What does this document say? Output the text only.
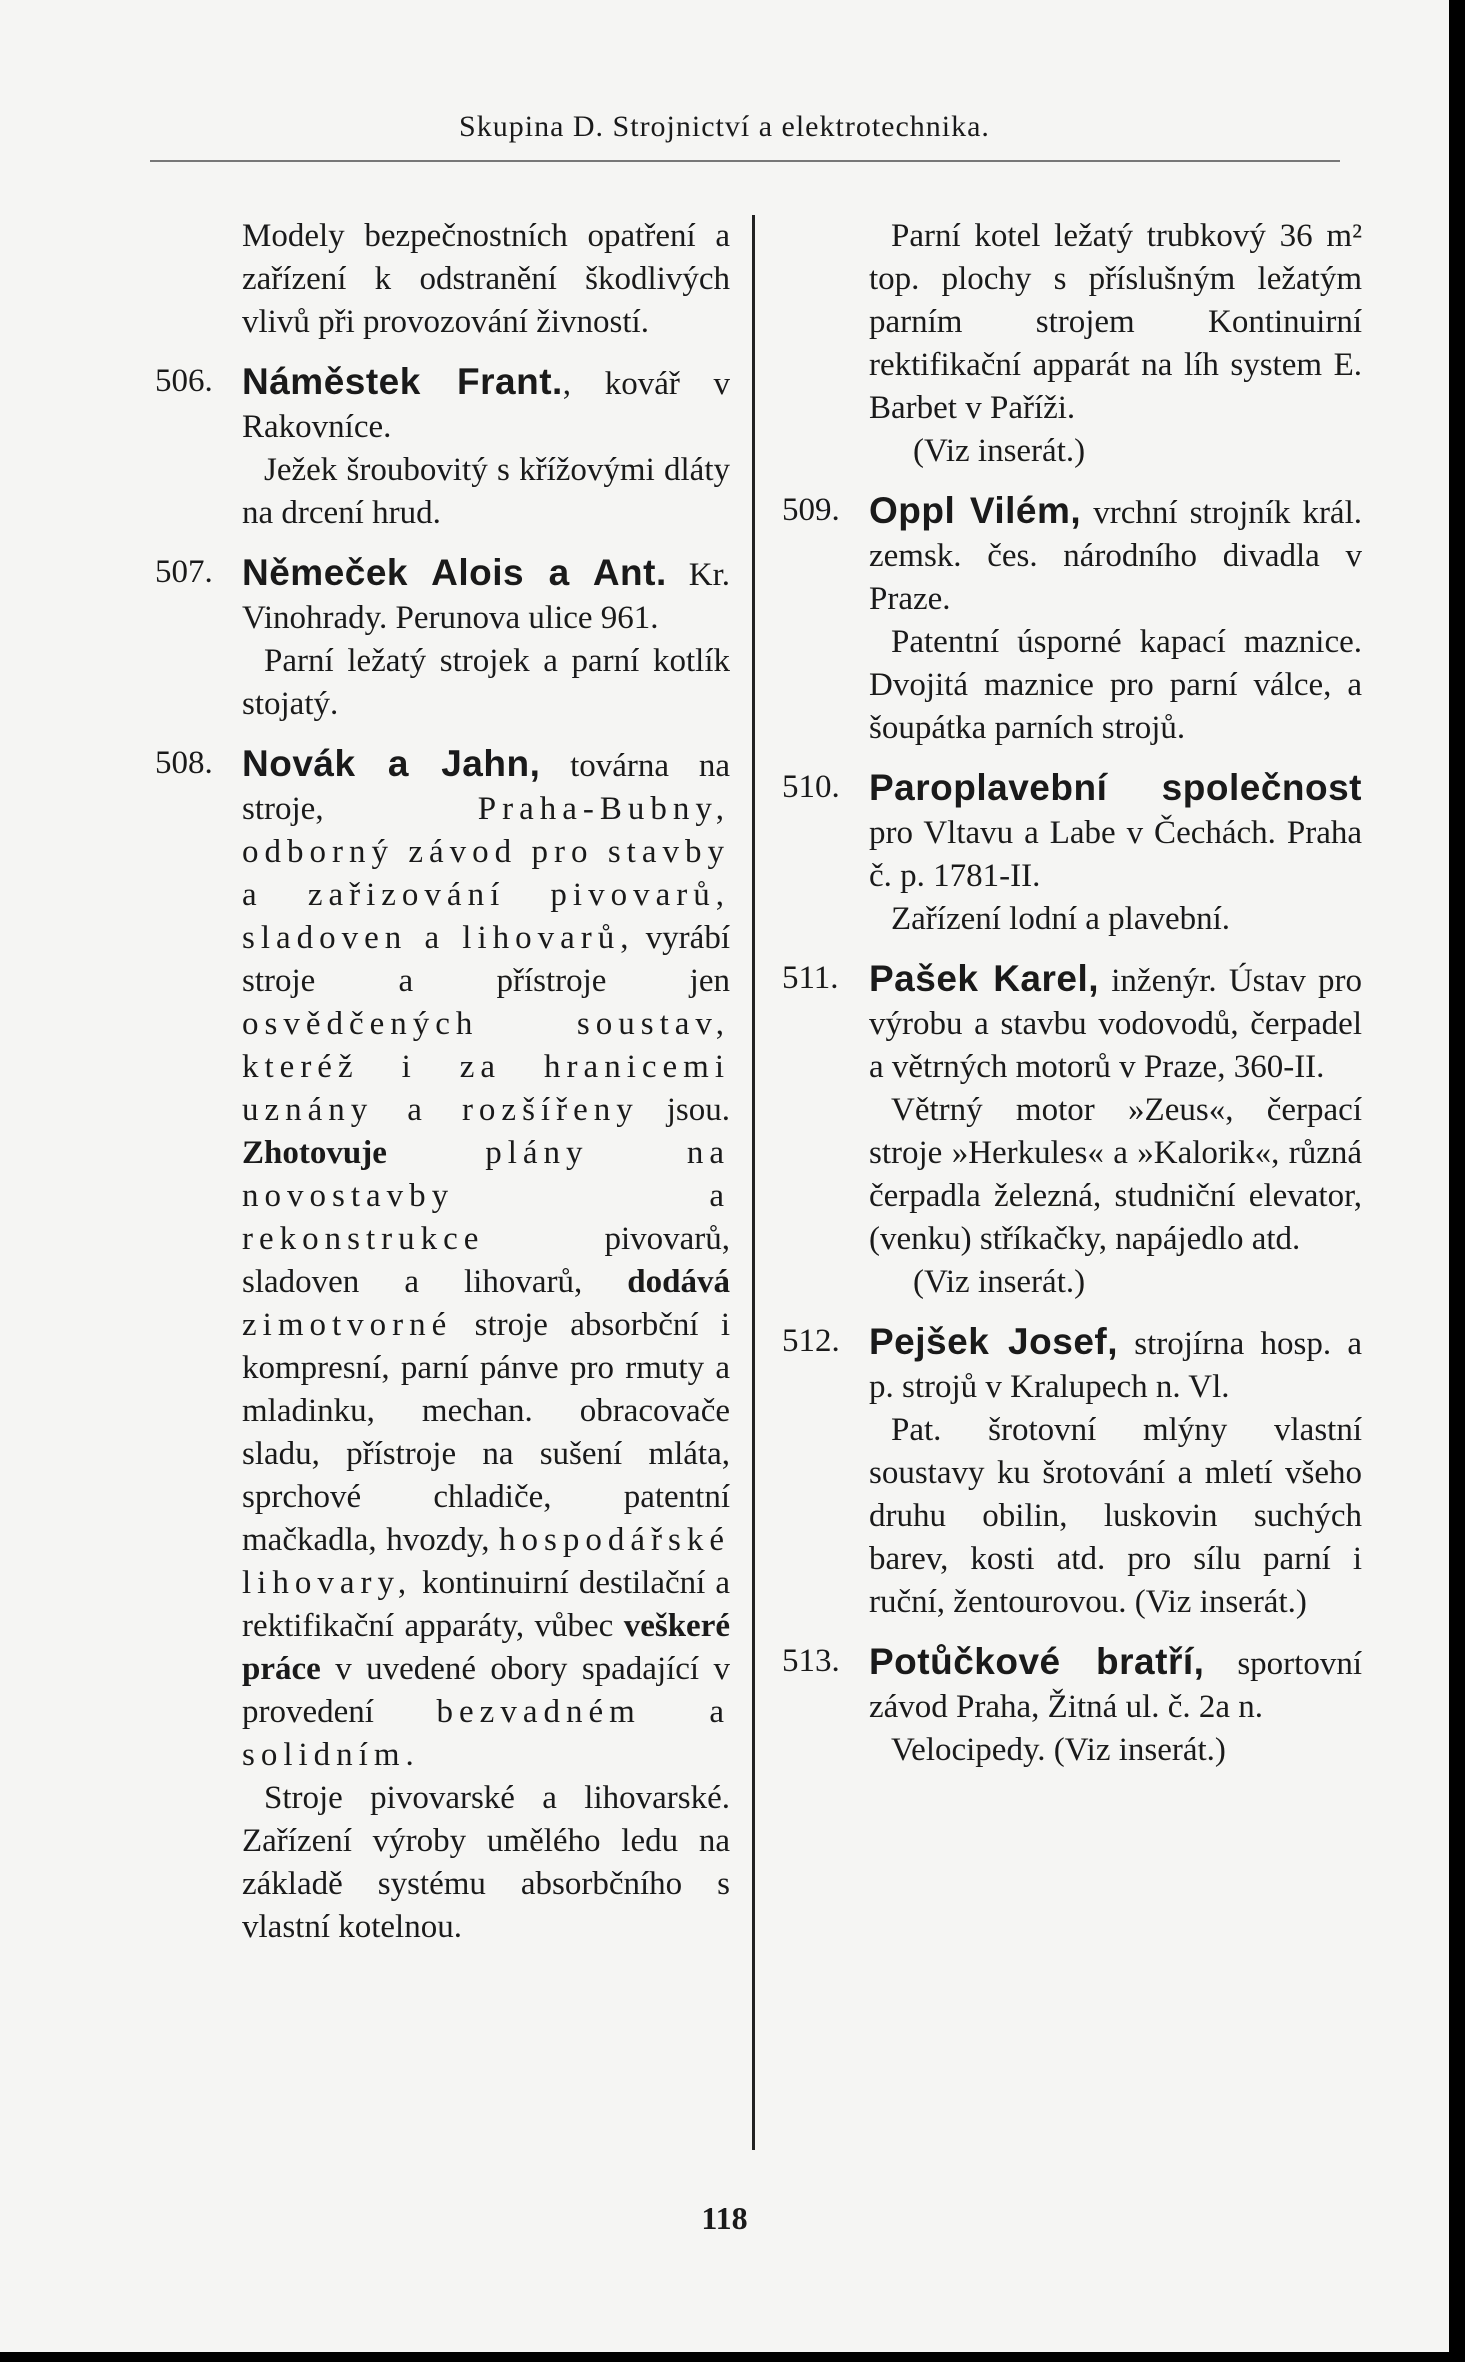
Skupina D. Strojnictví a elektrotechnika.

Modely bezpečnostních opatření a zařízení k odstranění škodlivých vlivů při provozování živností.

506. Náměstek Frant., kovář v Rakovníce.

Ježek šroubovitý s křížovými dláty na drcení hrud.

507. Němeček Alois a Ant. Kr. Vinohrady. Perunova ulice 961.

Parní ležatý strojek a parní kotlík stojatý.

508. Novák a Jahn, továrna na stroje, Praha-Bubny, odborný závod pro stavby a zařizování pivovarů, sladoven a lihovarů, vyrábí stroje a přístroje jen osvědčených soustav, kteréž i za hranicemi uznány a rozšířeny jsou. Zhotovuje plány na novostavby a rekonstrukce pivovarů, sladoven a lihovarů, dodává zimotvorné stroje absorbční i kompresní, parní pánve pro rmuty a mladinku, mechan. obracovače sladu, přístroje na sušení mláta, sprchové chladiče, patentní mačkadla, hvozdy, hospodářské lihovary, kontinuirní destilační a rektifikační apparáty, vůbec veškeré práce v uvedené obory spadající v provedení bezvadném a solidním.

Stroje pivovarské a lihovarské. Zařízení výroby umělého ledu na základě systému absorbčního s vlastní kotelnou.

Parní kotel ležatý trubkový 36 m² top. plochy s příslušným ležatým parním strojem Kontinuirní rektifikační apparát na líh system E. Barbet v Paříži.

(Viz inserát.)

509. Oppl Vilém, vrchní strojník král. zemsk. čes. národního divadla v Praze.

Patentní úsporné kapací maznice. Dvojitá maznice pro parní válce, a šoupátka parních strojů.

510. Paroplavební společnost pro Vltavu a Labe v Čechách. Praha č. p. 1781-II.

Zařízení lodní a plavební.

511. Pašek Karel, inženýr. Ústav pro výrobu a stavbu vodovodů, čerpadel a větrných motorů v Praze, 360-II.

Větrný motor »Zeus«, čerpací stroje »Herkules« a »Kalorik«, různá čerpadla železná, studniční elevator, (venku) stříkačky, napájedlo atd.

(Viz inserát.)

512. Pejšek Josef, strojírna hosp. a p. strojů v Kralupech n. Vl.

Pat. šrotovní mlýny vlastní soustavy ku šrotování a mletí všeho druhu obilin, luskovin suchých barev, kosti atd. pro sílu parní i ruční, žentourovou. (Viz inserát.)

513. Potůčkové bratří, sportovní závod Praha, Žitná ul. č. 2a n.

Velocipedy. (Viz inserát.)

118
